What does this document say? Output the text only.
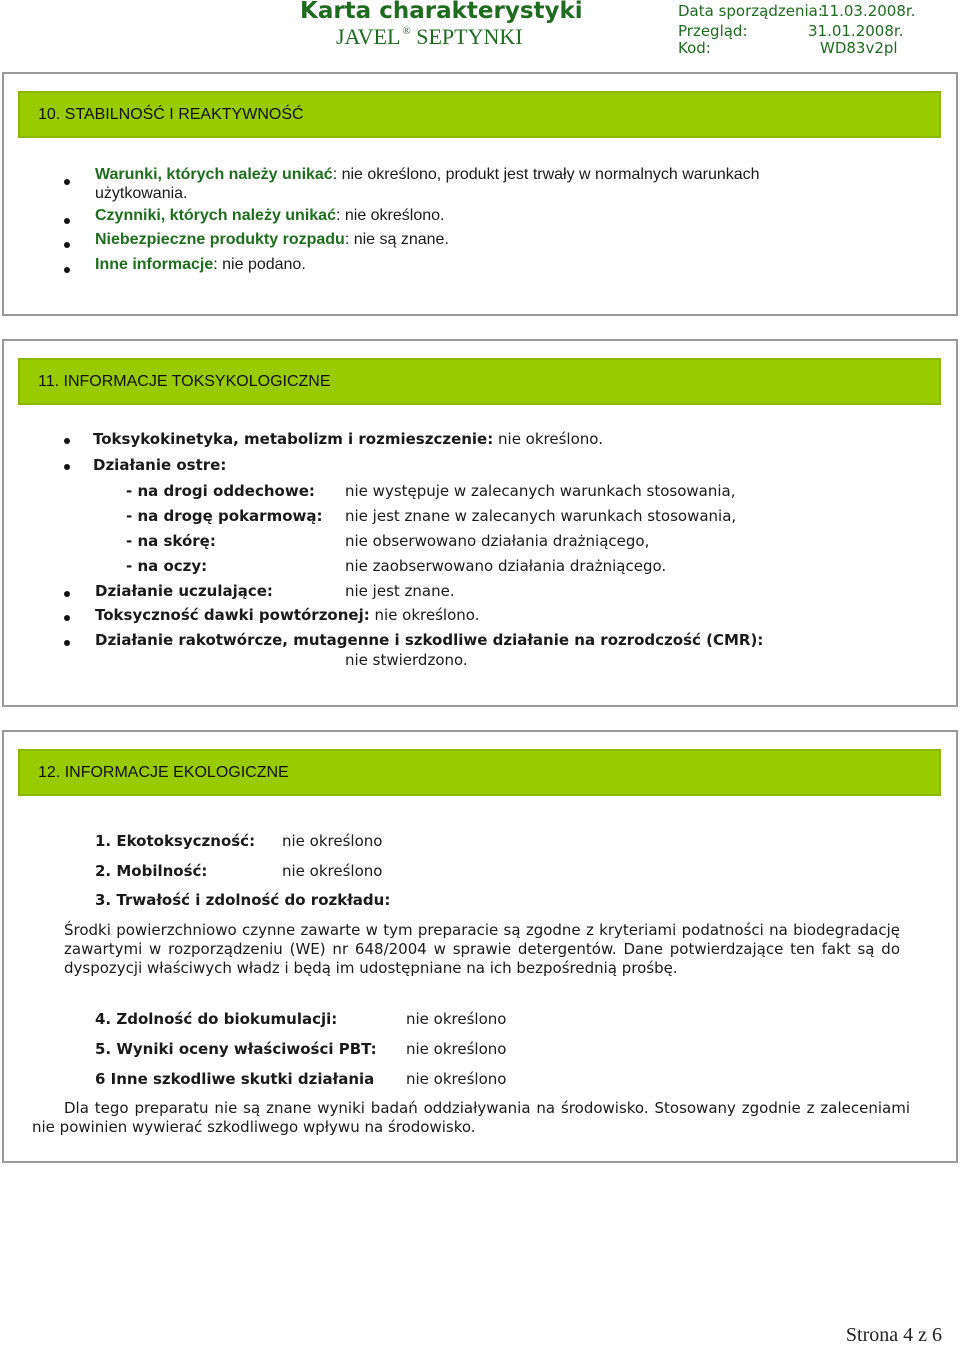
Karta charakterystyki
JAVEL ® SEPTYNKI
Data sporządzenia:
11.03.2008r.
Przegląd:	31.01.2008r.
Kod:	WD83v2pl
10. STABILNOŚĆ I REAKTYWNOŚĆ
Warunki, których należy unikać: nie określono, produkt jest trwały w normalnych warunkach
użytkowania.
Czynniki, których należy unikać: nie określono.
Niebezpieczne produkty rozpadu: nie są znane.
Inne informacje: nie podano.
11. INFORMACJE TOKSYKOLOGICZNE
Toksykokinetyka, metabolizm i rozmieszczenie: nie określono.
Działanie ostre:
- na drogi oddechowe: nie występuje w zalecanych warunkach stosowania,
- na drogę pokarmową: nie jest znane w zalecanych warunkach stosowania,
- na skórę:	nie obserwowano działania drażniącego,
- na oczy:	nie zaobserwowano działania drażniącego.
Działanie uczulające:	nie jest znane.
Toksyczność dawki powtórzonej: nie określono.
Działanie rakotwórcze, mutagenne i szkodliwe działanie na rozrodczość (CMR):
nie stwierdzono.
12. INFORMACJE EKOLOGICZNE
1. Ekotoksyczność: nie określono
2. Mobilność:	nie określono
3. Trwałość i zdolność do rozkładu:
Środki powierzchniowo czynne zawarte w tym preparacie są zgodne z kryteriami podatności na biodegradację zawartymi w rozporządzeniu (WE) nr 648/2004 w sprawie detergentów. Dane potwierdzające ten fakt są do dyspozycji właściwych władz i będą im udostępniane na ich bezpośrednią prośbę.
4. Zdolność do biokumulacji:	nie określono
5. Wyniki oceny właściwości PBT: nie określono
6 Inne szkodliwe skutki działania nie określono
Dla tego preparatu nie są znane wyniki badań oddziaływania na środowisko. Stosowany zgodnie z zaleceniami nie powinien wywierać szkodliwego wpływu na środowisko.
Strona 4 z 6
